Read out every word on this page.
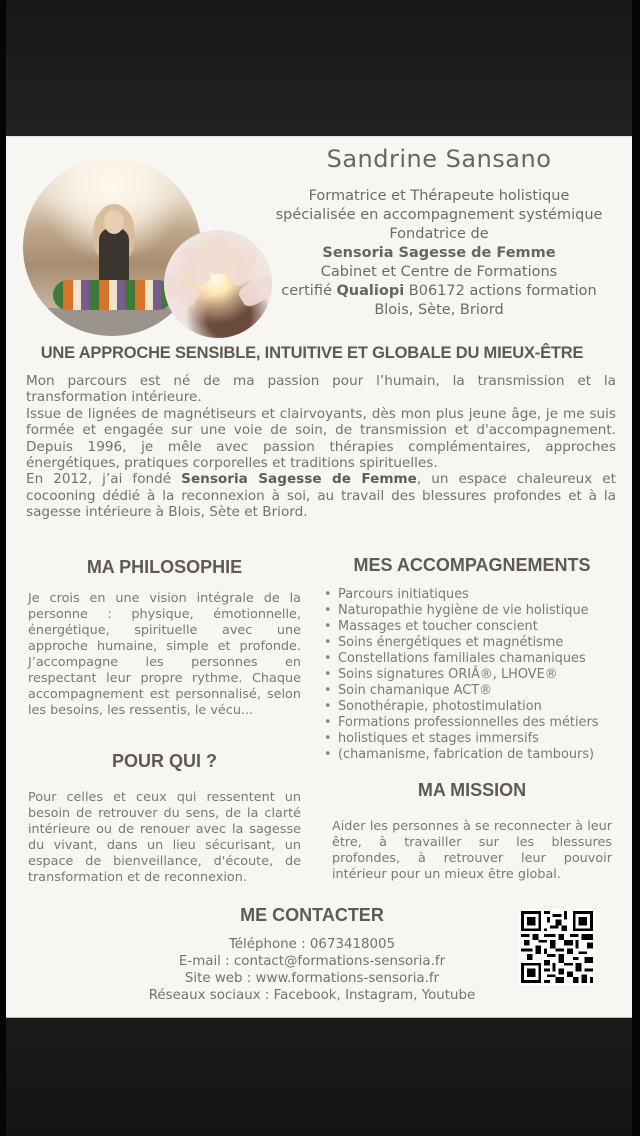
Sandrine Sansano
Formatrice et Thérapeute holistique
spécialisée en accompagnement systémique
Fondatrice de
Sensoria Sagesse de Femme
Cabinet et Centre de Formations
certifié Qualiopi B06172 actions formation
Blois, Sète, Briord
UNE APPROCHE SENSIBLE, INTUITIVE ET GLOBALE DU MIEUX-ÊTRE

Mon parcours est né de ma passion pour l’humain, la transmission et la transformation intérieure.

Issue de lignées de magnétiseurs et clairvoyants, dès mon plus jeune âge, je me suis formée et engagée sur une voie de soin, de transmission et d'accompagnement. Depuis 1996, je mêle avec passion thérapies complémentaires, approches énergétiques, pratiques corporelles et traditions spirituelles.

En 2012, j’ai fondé Sensoria Sagesse de Femme, un espace chaleureux et cocooning dédié à la reconnexion à soi, au travail des blessures profondes et à la sagesse intérieure à Blois, Sète et Briord.

MA PHILOSOPHIE

Je crois en une vision intégrale de la personne : physique, émotionnelle, énergétique, spirituelle avec une approche humaine, simple et profonde. J’accompagne les personnes en respectant leur propre rythme. Chaque accompagnement est personnalisé, selon les besoins, les ressentis, le vécu...

MES ACCOMPAGNEMENTS
• Parcours initiatiques
• Naturopathie hygiène de vie holistique
• Massages et toucher conscient
• Soins énergétiques et magnétisme
• Constellations familiales chamaniques
• Soins signatures ORIÂ®, LHOVE®
• Soin chamanique ACT®
• Sonothérapie, photostimulation
• Formations professionnelles des métiers
• holistiques et stages immersifs
• (chamanisme, fabrication de tambours)
POUR QUI ?

Pour celles et ceux qui ressentent un besoin de retrouver du sens, de la clarté intérieure ou de renouer avec la sagesse du vivant, dans un lieu sécurisant, un espace de bienveillance, d'écoute, de transformation et de reconnexion.

MA MISSION

Aider les personnes à se reconnecter à leur être, à travailler sur les blessures profondes, à retrouver leur pouvoir intérieur pour un mieux être global.

ME CONTACTER
Téléphone : 0673418005
E-mail : contact@formations-sensoria.fr
Site web : www.formations-sensoria.fr
Réseaux sociaux : Facebook, Instagram, Youtube
